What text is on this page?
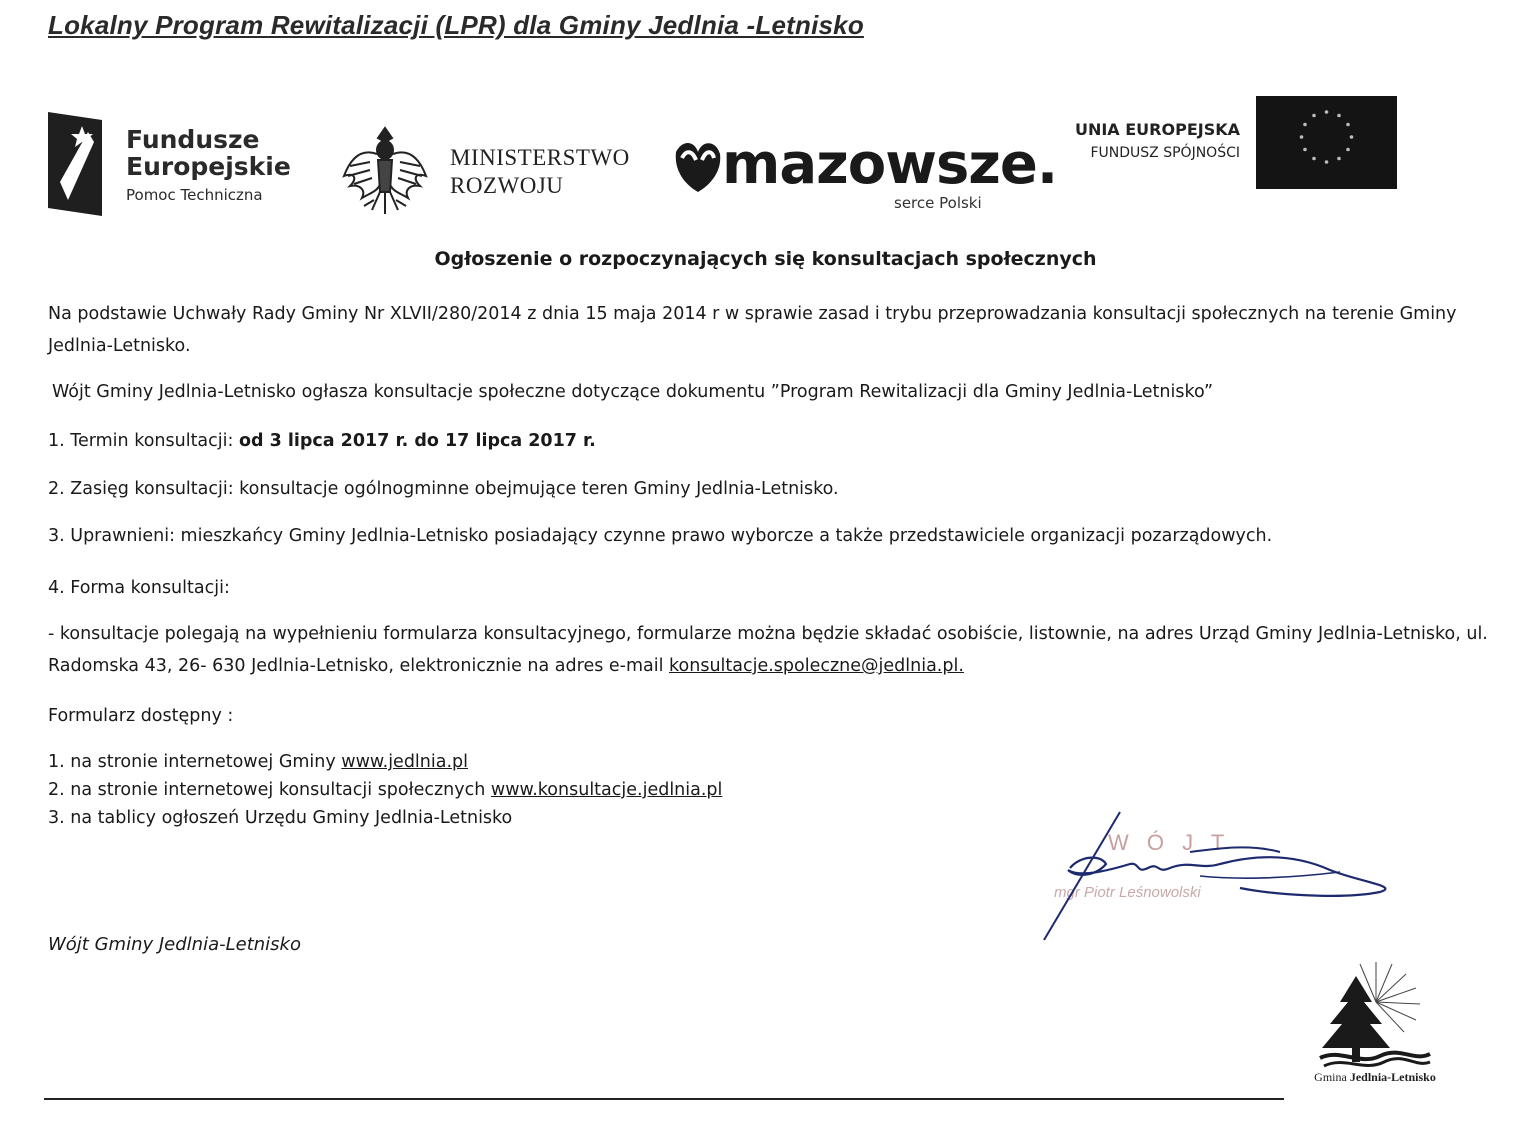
Lokalny Program Rewitalizacji (LPR) dla Gminy Jedlnia -Letnisko
Fundusze
Europejskie
Pomoc Techniczna
MINISTERSTWO
ROZWOJU	mazowsze.
serce Polski
UNIA EUROPEJSKA
FUNDUSZ SPÓJNOŚCI
Ogłoszenie o rozpoczynających się konsultacjach społecznych
Na podstawie Uchwały Rady Gminy Nr XLVII/280/2014 z dnia 15 maja 2014 r w sprawie zasad i trybu przeprowadzania konsultacji społecznych na terenie Gminy Jedlnia-Letnisko.
Wójt Gminy Jedlnia-Letnisko ogłasza konsultacje społeczne dotyczące dokumentu ”Program Rewitalizacji dla Gminy Jedlnia-Letnisko”
1. Termin konsultacji: od 3 lipca 2017 r. do 17 lipca 2017 r.
2. Zasięg konsultacji: konsultacje ogólnogminne obejmujące teren Gminy Jedlnia-Letnisko.
3. Uprawnieni: mieszkańcy Gminy Jedlnia-Letnisko posiadający czynne prawo wyborcze a także przedstawiciele organizacji pozarządowych.
4. Forma konsultacji:
- konsultacje polegają na wypełnieniu formularza konsultacyjnego, formularze można będzie składać osobiście, listownie, na adres Urząd Gminy Jedlnia-Letnisko, ul. Radomska 43, 26- 630 Jedlnia-Letnisko, elektronicznie na adres e-mail konsultacje.spoleczne@jedlnia.pl.
Formularz dostępny :
1. na stronie internetowej Gminy www.jedlnia.pl
2. na stronie internetowej konsultacji społecznych www.konsultacje.jedlnia.pl
3. na tablicy ogłoszeń Urzędu Gminy Jedlnia-Letnisko
Wójt Gminy Jedlnia-Letnisko
W Ó J T
mgr Piotr Leśnowolski
Gmina Jedlnia-Letnisko
